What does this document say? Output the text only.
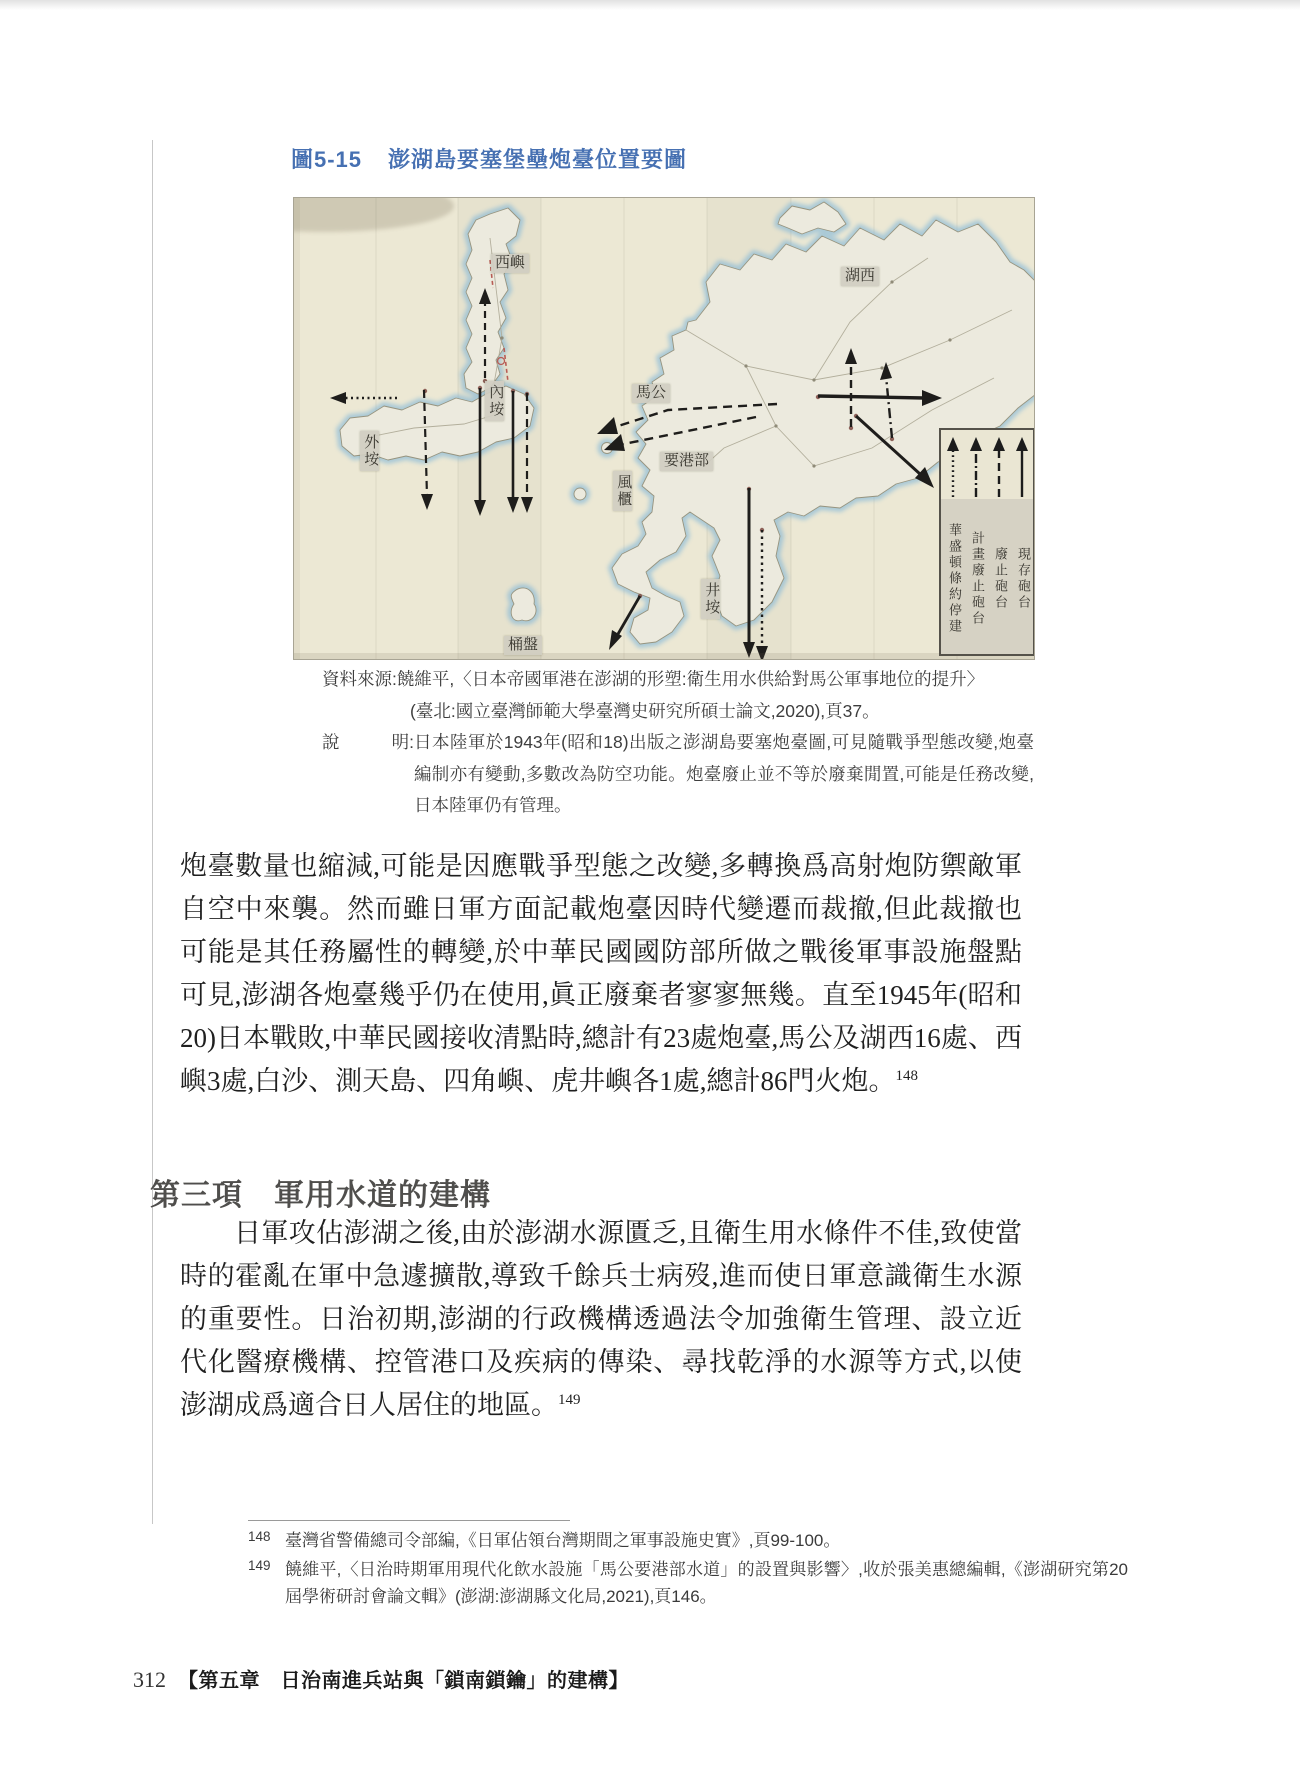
圖5-15 澎湖島要塞堡壘炮臺位置要圖
西嶼
內垵
外垵
馬公
要港部
風櫃
桶盤
井垵
湖西
現存砲台
廢止砲台
計畫廢止砲台
華盛頓條約停建
資料來源:饒維平,〈日本帝國軍港在澎湖的形塑:衛生用水供給對馬公軍事地位的提升〉
(臺北:國立臺灣師範大學臺灣史研究所碩士論文,2020),頁37。
說	明: 日本陸軍於1943年(昭和18)出版之澎湖島要塞炮臺圖,可見隨戰爭型態改變,炮臺編制亦有變動,多數改為防空功能。炮臺廢止並不等於廢棄閒置,可能是任務改變,日本陸軍仍有管理。
炮臺數量也縮減,可能是因應戰爭型態之改變,多轉換爲高射炮防禦敵軍自空中來襲。然而雖日軍方面記載炮臺因時代變遷而裁撤,但此裁撤也可能是其任務屬性的轉變,於中華民國國防部所做之戰後軍事設施盤點可見,澎湖各炮臺幾乎仍在使用,眞正廢棄者寥寥無幾。直至1945年(昭和20)日本戰敗,中華民國接收清點時,總計有23處炮臺,馬公及湖西16處、西嶼3處,白沙、測天島、四角嶼、虎井嶼各1處,總計86門火炮。$^{148}$
第三項　軍用水道的建構
日軍攻佔澎湖之後,由於澎湖水源匱乏,且衛生用水條件不佳,致使當時的霍亂在軍中急遽擴散,導致千餘兵士病歿,進而使日軍意識衛生水源的重要性。日治初期,澎湖的行政機構透過法令加強衛生管理、設立近代化醫療機構、控管港口及疾病的傳染、尋找乾淨的水源等方式,以使澎湖成爲適合日人居住的地區。$^{149}$
148 臺灣省警備總司令部編,《日軍佔領台灣期間之軍事設施史實》,頁99-100。
149 饒維平,〈日治時期軍用現代化飲水設施「馬公要港部水道」的設置與影響〉,收於張美惠總編輯,《澎湖研究第20屆學術研討會論文輯》(澎湖:澎湖縣文化局,2021),頁146。
312 【第五章　日治南進兵站與「鎖南鎖鑰」的建構】
